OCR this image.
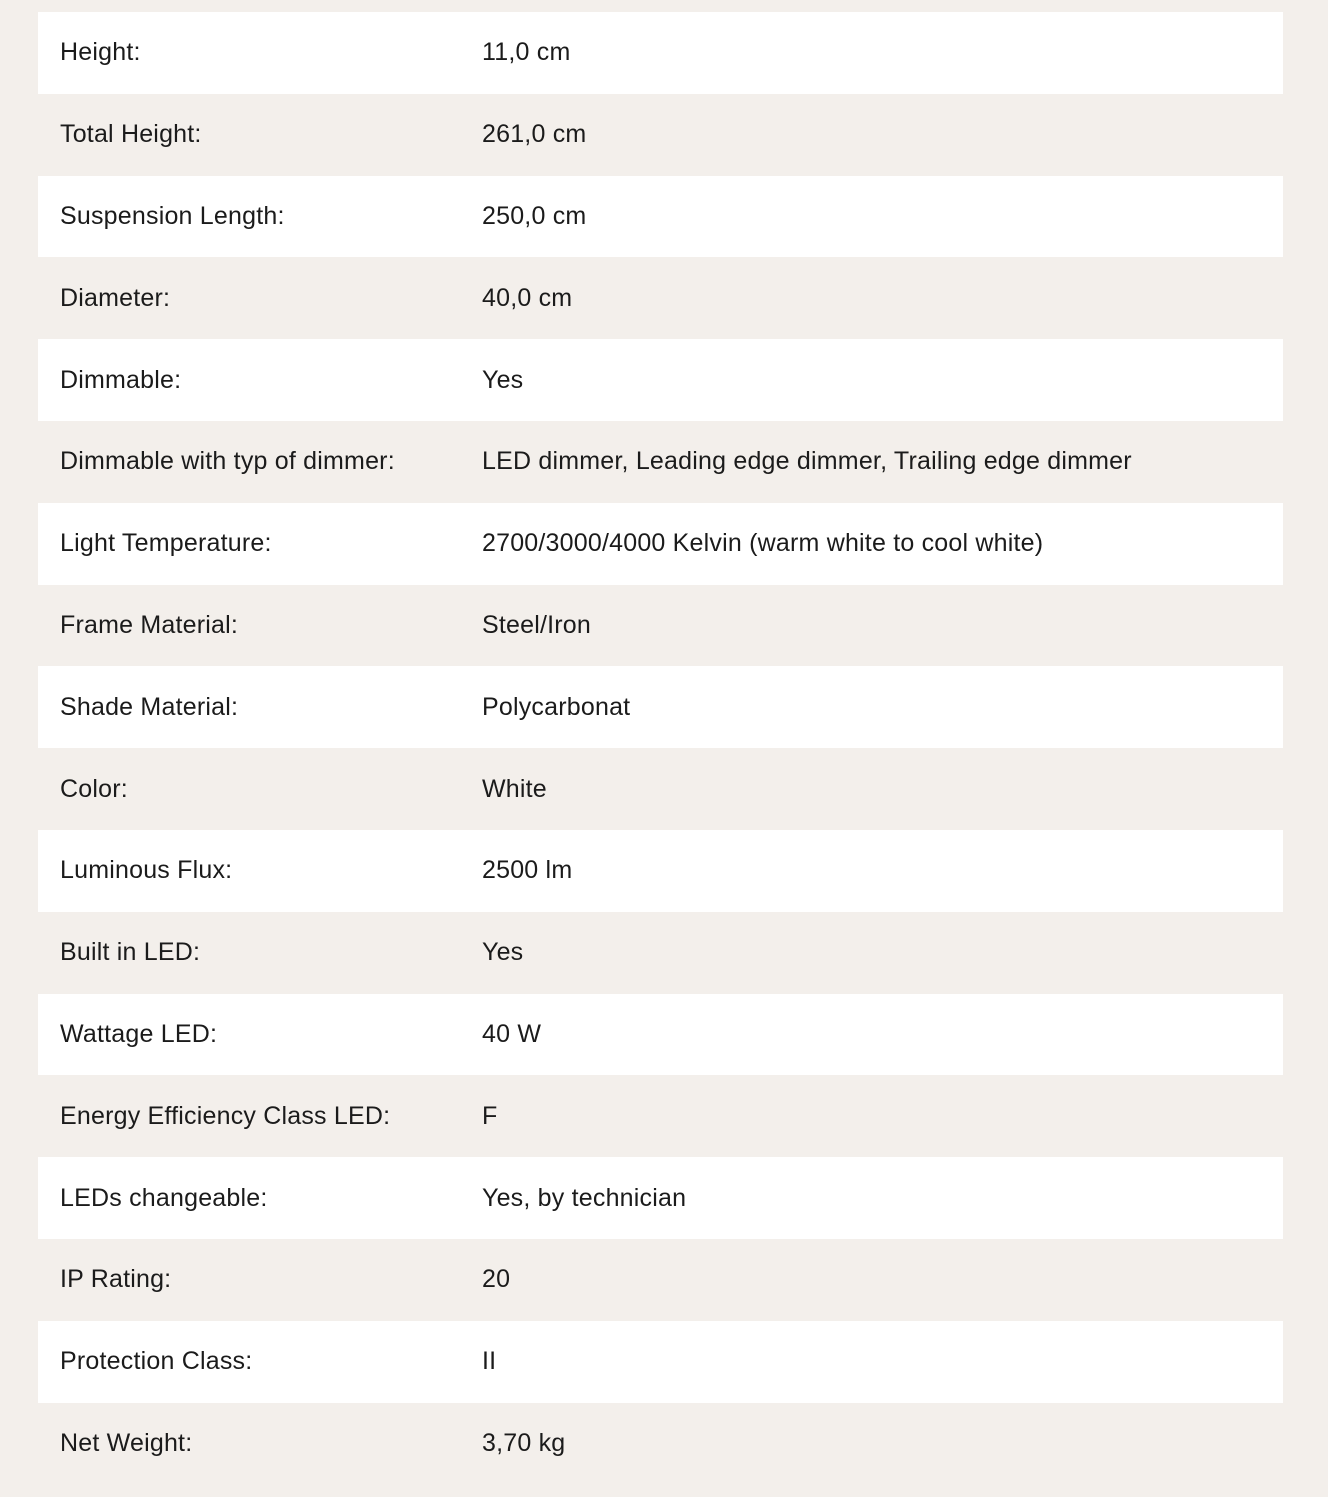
Height:	11,0 cm
Total Height:	261,0 cm
Suspension Length:	250,0 cm
Diameter:	40,0 cm
Dimmable:	Yes
Dimmable with typ of dimmer:	LED dimmer, Leading edge dimmer, Trailing edge dimmer
Light Temperature:	2700/3000/4000 Kelvin (warm white to cool white)
Frame Material:	Steel/Iron
Shade Material:	Polycarbonat
Color:	White
Luminous Flux:	2500 lm
Built in LED:	Yes
Wattage LED:	40 W
Energy Efficiency Class LED:	F
LEDs changeable:	Yes, by technician
IP Rating:	20
Protection Class:	II
Net Weight:	3,70 kg
